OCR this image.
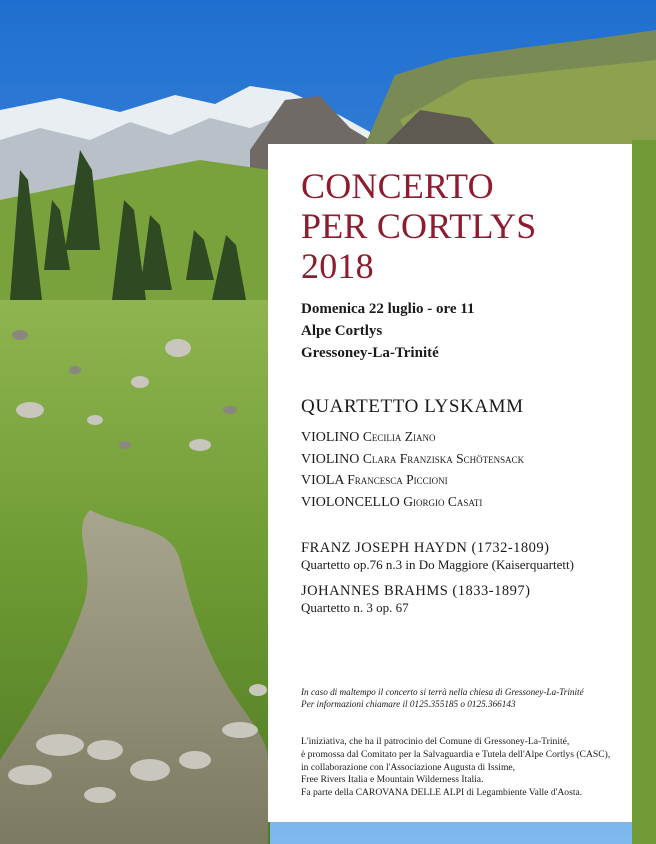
CONCERTO
PER CORTLYS
2018
Domenica 22 luglio - ore 11
Alpe Cortlys
Gressoney-La-Trinité
QUARTETTO LYSKAMM
VIOLINO Cecilia Ziano
VIOLINO Clara Franziska Schötensack
VIOLA Francesca Piccioni
VIOLONCELLO Giorgio Casati
FRANZ JOSEPH HAYDN (1732-1809)
Quartetto op.76 n.3 in Do Maggiore (Kaiserquartett)
JOHANNES BRAHMS (1833-1897)
Quartetto n. 3 op. 67
In caso di maltempo il concerto si terrà nella chiesa di Gressoney-La-Trinité
Per informazioni chiamare il 0125.355185 o 0125.366143
L'iniziativa, che ha il patrocinio del Comune di Gressoney-La-Trinité,
è promossa dal Comitato per la Salvaguardia e Tutela dell'Alpe Cortlys (CASC),
in collaborazione con l'Associazione Augusta di Issime,
Free Rivers Italia e Mountain Wilderness Italia.
Fa parte della CAROVANA DELLE ALPI di Legambiente Valle d'Aosta.
